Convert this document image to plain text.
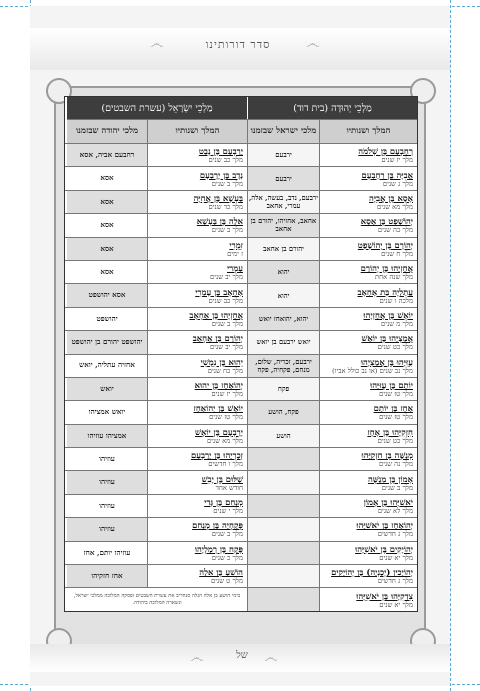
෴	෴
סדר דורותינו
מַלְכֵי יְהוּדָה (בית דוד)
מַלְכֵי יִשְׂרָאֵל (עשרת השבטים)
המלך ושנותיו
מלכי ישראל שבזמנו
המלך ושנותיו
מלכי יהודה שבזמנו
רְחַבְעָם בֶּן שְׁלֹמֹה
מלך יז שנים
ירבעם
יָרָבְעָם בֶּן נְבָט
מלך כב שנים
רחבעם אביה, אסא
אֲבִיָּה בֶּן רְחַבְעָם
מלך ג שנים
ירבעם
נָדָב בֶּן יָרָבְעָם
מלך ב שנים
אסא
אָסָא בֶּן אֲבִיָּה
מלך מא שנים
ירבעם, נדב, בעשה, אלה, עמרי, אחאב
בַּעְשָׁא בֶּן אֲחִיָּה
מלך כד שנים
אסא
יְהוֹשָׁפָט בֶּן אָסָא
מלך כה שנים
אחאב, אחזיהו, יהורם בן אחאב
אֵלָה בֶּן בַּעְשָׁא
מלך ב שנים
אסא
יְהוֹרָם בֶּן יְהוֹשָׁפָט
מלך ח שנים
יהורם בן אחאב
זִמְרִי
ז ימים
אסא
אֲחַזְיָהוּ בֶּן יְהוֹרָם
מלך שנה אחת
יהוא
עָמְרִי
מלך יב שנים
אסא
עֲתַלְיָה בַּת אַחְאָב
מלכה ו שנים
יהוא
אַחְאָב בֶּן עָמְרִי
מלך כב שנים
אסא יהושפט
יוֹאָשׁ בֶּן אֲחַזְיָהוּ
מלך מ שנים
יהוא, יהואחז יואש
אֲחַזְיָהוּ בֶּן אַחְאָב
מלך ב שנים
יהושפט
אֲמַצְיָהוּ בֶּן יוֹאָשׁ
מלך כט שנים
יואש ירבעם בן יואש
יְהוֹרָם בֶּן אַחְאָב
מלך יב שנים
יהושפט יהורם בן יהושפט
עֻזִּיָּהוּ בֶּן אֲמַצְיָהוּ
מלך נב שנים (או נב כולל אביו)
ירבעם, זכריה, שלום, מנחם, פקחיה, פקח
יֵהוּא בֶּן נִמְשִׁי
מלך כח שנים
אחזיה עתליה, יואש
יוֹתָם בֶּן עֻזִּיָּהוּ
מלך טז שנים
פקח
יְהוֹאָחָז בֶּן יֵהוּא
מלך יז שנים
יואש
אָחָז בֶּן יוֹתָם
מלך טז שנים
פקח, הושע
יוֹאָשׁ בֶּן יְהוֹאָחָז
מלך טז שנים
יואש אמציהו
חִזְקִיָּהוּ בֶּן אָחָז
מלך כט שנים
הושע
יָרָבְעָם בֶּן יוֹאָשׁ
מלך מא שנים
אמציהו עוזיהו
מְנַשֶּׁה בֶּן חִזְקִיָּהוּ
מלך נה שנים
זְכַרְיָהוּ בֶּן יָרָבְעָם
מלך ו חדשים
עוזיהו
אָמוֹן בֶּן מְנַשֶּׁה
מלך ב שנים
שַׁלּוּם בֶּן יָבֵשׁ
חודש אחד
עוזיהו
יֹאשִׁיָּהוּ בֶּן אָמוֹן
מלך לא שנים
מְנַחֵם בֶּן גָּדִי
מלך י שנים
עוזיהו
יְהוֹאָחָז בֶּן יֹאשִׁיָּהוּ
מלך ג חדשים
פְּקַחְיָה בֶּן מְנַחֵם
מלך ב שנים
עוזיהו
יְהוֹיָקִים בֶּן יֹאשִׁיָּהוּ
מלך יא שנים
פֶּקַח בֶּן רְמַלְיָהוּ
מלך כ שנים
עוזיהו יותם, אחז
יְהוֹיָכִין (יְכָנְיָה) בֶּן יְהוֹיָקִים
מלך ג חדשים
הוֹשֵׁעַ בֶּן אֵלָה
מלך ט שנים
אחז חזקיהו
צִדְקִיָּהוּ בֶּן יֹאשִׁיָּהוּ
מלך יא שנים
בימי הושע בן אלה הגלה סנחריב את עשרת השבטים ופסקה המלוכה ממלכי ישראל, ונשארה המלוכה ביהודה.
෴	෴
של
